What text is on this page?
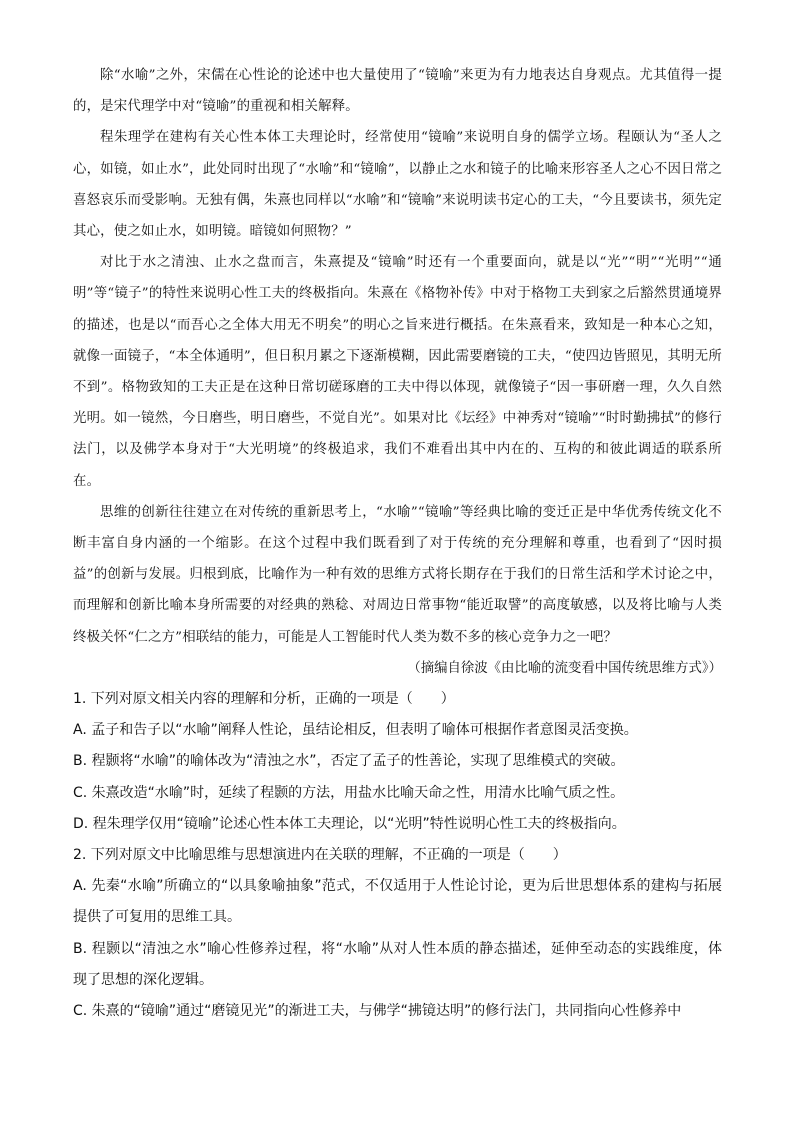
除“水喻”之外，宋儒在心性论的论述中也大量使用了“镜喻”来更为有力地表达自身观点。尤其值得一提的，是宋代理学中对“镜喻”的重视和相关解释。

程朱理学在建构有关心性本体工夫理论时，经常使用“镜喻”来说明自身的儒学立场。程颐认为“圣人之心，如镜，如止水”，此处同时出现了“水喻”和“镜喻”，以静止之水和镜子的比喻来形容圣人之心不因日常之喜怒哀乐而受影响。无独有偶，朱熹也同样以“水喻”和“镜喻”来说明读书定心的工夫，“今且要读书，须先定其心，使之如止水，如明镜。暗镜如何照物？”

对比于水之清浊、止水之盘而言，朱熹提及“镜喻”时还有一个重要面向，就是以“光”“明”“光明”“通明”等“镜子”的特性来说明心性工夫的终极指向。朱熹在《格物补传》中对于格物工夫到家之后豁然贯通境界的描述，也是以“而吾心之全体大用无不明矣”的明心之旨来进行概括。在朱熹看来，致知是一种本心之知，就像一面镜子，“本全体通明”，但日积月累之下逐渐模糊，因此需要磨镜的工夫，“使四边皆照见，其明无所不到”。格物致知的工夫正是在这种日常切磋琢磨的工夫中得以体现，就像镜子“因一事研磨一理，久久自然光明。如一镜然，今日磨些，明日磨些，不觉自光”。如果对比《坛经》中神秀对“镜喻”“时时勤拂拭”的修行法门，以及佛学本身对于“大光明境”的终极追求，我们不难看出其中内在的、互构的和彼此调适的联系所在。

思维的创新往往建立在对传统的重新思考上，“水喻”“镜喻”等经典比喻的变迁正是中华优秀传统文化不断丰富自身内涵的一个缩影。在这个过程中我们既看到了对于传统的充分理解和尊重，也看到了“因时损益”的创新与发展。归根到底，比喻作为一种有效的思维方式将长期存在于我们的日常生活和学术讨论之中，而理解和创新比喻本身所需要的对经典的熟稔、对周边日常事物“能近取譬”的高度敏感，以及将比喻与人类终极关怀“仁之方”相联结的能力，可能是人工智能时代人类为数不多的核心竞争力之一吧？

（摘编自徐波《由比喻的流变看中国传统思维方式》）

1. 下列对原文相关内容的理解和分析，正确的一项是（　　）

A. 孟子和告子以“水喻”阐释人性论，虽结论相反，但表明了喻体可根据作者意图灵活变换。

B. 程颢将“水喻”的喻体改为“清浊之水”，否定了孟子的性善论，实现了思维模式的突破。

C. 朱熹改造“水喻”时，延续了程颢的方法，用盐水比喻天命之性，用清水比喻气质之性。

D. 程朱理学仅用“镜喻”论述心性本体工夫理论，以“光明”特性说明心性工夫的终极指向。

2. 下列对原文中比喻思维与思想演进内在关联的理解，不正确的一项是（　　）

A. 先秦“水喻”所确立的“以具象喻抽象”范式，不仅适用于人性论讨论，更为后世思想体系的建构与拓展提供了可复用的思维工具。

B. 程颢以“清浊之水”喻心性修养过程，将“水喻”从对人性本质的静态描述，延伸至动态的实践维度，体现了思想的深化逻辑。

C. 朱熹的“镜喻”通过“磨镜见光”的渐进工夫，与佛学“拂镜达明”的修行法门，共同指向心性修养中
